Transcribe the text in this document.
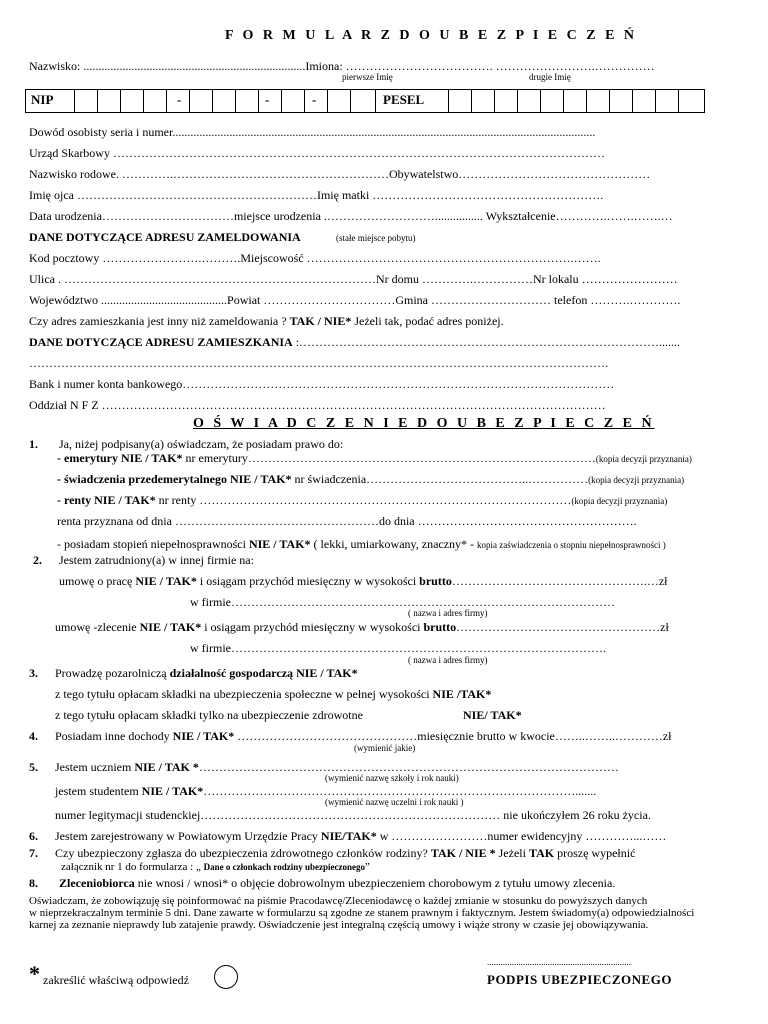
F O R M U L A R Z D O U B E Z P I E C Z E Ń
Nazwisko: ..........................................................................Imiona: ………………………………. …………………….……………
pierwsze Imię	drugie Imię
NIP	-	-	-	PESEL
Dowód osobisty seria i numer.............................................................................................................................................
Urząd Skarbowy ……………………………………………………………………………………………………………
Nazwisko rodowe. ………….………………………………………………Obywatelstwo…………………………………………
Imię ojca ……………………………………………………Imię matki ………………………………………………….
Data urodzenia……………………………miejsce urodzenia .………………………................ Wykształcenie………….…….…….…
DANE DOTYCZĄCE ADRESU ZAMELDOWANIA	(stałe miejsce pobytu)
Kod pocztowy …………………….……….Miejscowość ………………………………………………………….…….
Ulica . ……………………………………………………………………Nr domu ………….……………Nr lokalu ……………………
Województwo ..........................................Powiat ……………………………Gmina ………………………… telefon ……….………….
Czy adres zamieszkania jest inny niż zameldowania ? TAK / NIE* Jeżeli tak, podać adres poniżej.
DANE DOTYCZĄCE ADRESU ZAMIESZKANIA :……………………………………………………………………………….......
……………………………………………………………………………………………………………………………….
Bank i numer konta bankowego………………………………………………………………………………………………
Oddział N F Z ………………………………………………………………………………………………………………
O Ś W I A D C Z E N I E D O U B E Z P I E C Z E Ń
1. Ja, niżej podpisany(a) oświadczam, że posiadam prawo do:
- emerytury NIE / TAK* nr emerytury……………………………………………………………………………(kopia decyzji przyznania)
- świadczenia przedemerytalnego NIE / TAK* nr świadczenia…………………………………..……………(kopia decyzji przyznania)
- renty NIE / TAK* nr renty …………………………………………………………………………………(kopia decyzji przyznania)
renta przyznana od dnia ……………………………………………do dnia ……………………………………………….
- posiadam stopień niepełnosprawności NIE / TAK* ( lekki, umiarkowany, znaczny* - kopia zaświadczenia o stopniu niepełnosprawności )
2. Jestem zatrudniony(a) w innej firmie na:
umowę o pracę NIE / TAK* i osiągam przychód miesięczny w wysokości brutto………………………………………….…zł
w firmie……………………………………………………………………………………
( nazwa i adres firmy)
umowę -zlecenie NIE / TAK* i osiągam przychód miesięczny w wysokości brutto……………………………………………zł
w firmie………………………………………………………………………………….
( nazwa i adres firmy)
3. Prowadzę pozarolniczą działalność gospodarczą NIE / TAK*
z tego tytułu opłacam składki na ubezpieczenia społeczne w pełnej wysokości NIE /TAK*
z tego tytułu opłacam składki tylko na ubezpieczenie zdrowotne	NIE/ TAK*
4. Posiadam inne dochody NIE / TAK* ………………………………………miesięcznie brutto w kwocie……..……..…………zł
(wymienić jakie)
5. Jestem uczniem NIE / TAK *……………………………………………………………………………………………
(wymienić nazwę szkoły i rok nauki)
jestem studentem NIE / TAK*………………………………………………………………………………….......
(wymienić nazwę uczelni i rok nauki )
numer legitymacji studenckiej………………………………………………………………… nie ukończyłem 26 roku życia.
6. Jestem zarejestrowany w Powiatowym Urzędzie Pracy NIE/TAK* w ……………………numer ewidencyjny …………...……
7. Czy ubezpieczony zgłasza do ubezpieczenia zdrowotnego członków rodziny? TAK / NIE * Jeżeli TAK proszę wypełnić
załącznik nr 1 do formularza : „ Dane o członkach rodziny ubezpieczonego”
8. Zleceniobiorca nie wnosi / wnosi* o objęcie dobrowolnym ubezpieczeniem chorobowym z tytułu umowy zlecenia.
Oświadczam, że zobowiązuję się poinformować na piśmie Pracodawcę/Zleceniodawcę o każdej zmianie w stosunku do powyższych danych
w nieprzekraczalnym terminie 5 dni. Dane zawarte w formularzu są zgodne ze stanem prawnym i faktycznym. Jestem świadomy(a) odpowiedzialności
karnej za zeznanie nieprawdy lub zatajenie prawdy. Oświadczenie jest integralną częścią umowy i wiąże strony w czasie jej obowiązywania.
* zakreślić właściwą odpowiedź
................................................................
PODPIS UBEZPIECZONEGO
